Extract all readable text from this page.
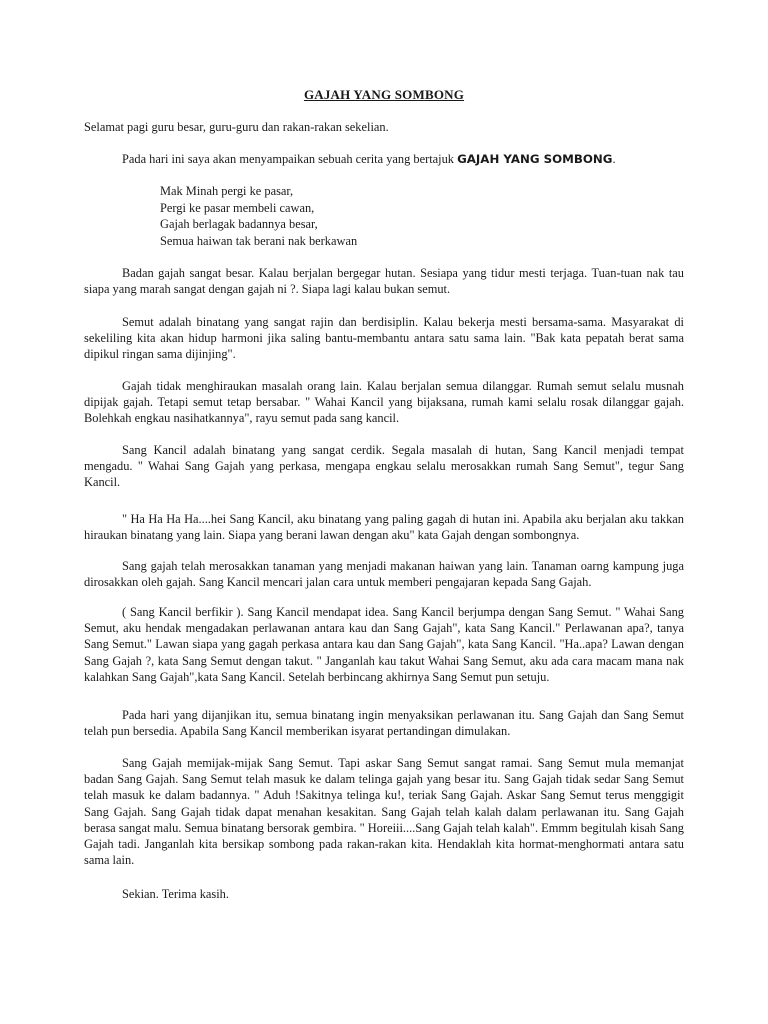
GAJAH YANG SOMBONG
Selamat pagi guru besar, guru-guru dan rakan-rakan sekelian.
Pada hari ini saya akan menyampaikan sebuah cerita yang bertajuk GAJAH YANG SOMBONG.
Mak Minah pergi ke pasar,
Pergi ke pasar membeli cawan,
Gajah berlagak badannya besar,
Semua haiwan tak berani nak berkawan
Badan gajah sangat besar. Kalau berjalan bergegar hutan. Sesiapa yang tidur mesti terjaga. Tuan-tuan nak tau siapa yang marah sangat dengan gajah ni ?. Siapa lagi kalau bukan semut.
Semut adalah binatang yang sangat rajin dan berdisiplin. Kalau bekerja mesti bersama-sama. Masyarakat di sekeliling kita akan hidup harmoni jika saling bantu-membantu antara satu sama lain. "Bak kata pepatah berat sama dipikul ringan sama dijinjing".
Gajah tidak menghiraukan masalah orang lain. Kalau berjalan semua dilanggar. Rumah semut selalu musnah dipijak gajah. Tetapi semut tetap bersabar. " Wahai Kancil yang bijaksana, rumah kami selalu rosak dilanggar gajah. Bolehkah engkau nasihatkannya", rayu semut pada sang kancil.
Sang Kancil adalah binatang yang sangat cerdik. Segala masalah di hutan, Sang Kancil menjadi tempat mengadu. " Wahai Sang Gajah yang perkasa, mengapa engkau selalu merosakkan rumah Sang Semut", tegur Sang Kancil.
" Ha Ha Ha Ha....hei Sang Kancil, aku binatang yang paling gagah di hutan ini. Apabila aku berjalan aku takkan hiraukan binatang yang lain. Siapa yang berani lawan dengan aku" kata Gajah dengan sombongnya.
Sang gajah telah merosakkan tanaman yang menjadi makanan haiwan yang lain. Tanaman oarng kampung juga dirosakkan oleh gajah. Sang Kancil mencari jalan cara untuk memberi pengajaran kepada Sang Gajah.
( Sang Kancil berfikir ). Sang Kancil mendapat idea. Sang Kancil berjumpa dengan Sang Semut. " Wahai Sang Semut, aku hendak mengadakan perlawanan antara kau dan Sang Gajah", kata Sang Kancil." Perlawanan apa?, tanya Sang Semut." Lawan siapa yang gagah perkasa antara kau dan Sang Gajah", kata Sang Kancil. "Ha..apa? Lawan dengan Sang Gajah ?, kata Sang Semut dengan takut. " Janganlah kau takut Wahai Sang Semut, aku ada cara macam mana nak kalahkan Sang Gajah",kata Sang Kancil. Setelah berbincang akhirnya Sang Semut pun setuju.
Pada hari yang dijanjikan itu, semua binatang ingin menyaksikan perlawanan itu. Sang Gajah dan Sang Semut telah pun bersedia. Apabila Sang Kancil memberikan isyarat pertandingan dimulakan.
Sang Gajah memijak-mijak Sang Semut. Tapi askar Sang Semut sangat ramai. Sang Semut mula memanjat badan Sang Gajah. Sang Semut telah masuk ke dalam telinga gajah yang besar itu. Sang Gajah tidak sedar Sang Semut telah masuk ke dalam badannya. " Aduh !Sakitnya telinga ku!, teriak Sang Gajah. Askar Sang Semut terus menggigit Sang Gajah. Sang Gajah tidak dapat menahan kesakitan. Sang Gajah telah kalah dalam perlawanan itu. Sang Gajah berasa sangat malu. Semua binatang bersorak gembira. " Horeiii....Sang Gajah telah kalah". Emmm begitulah kisah Sang Gajah tadi. Janganlah kita bersikap sombong pada rakan-rakan kita. Hendaklah kita hormat-menghormati antara satu sama lain.
Sekian. Terima kasih.
